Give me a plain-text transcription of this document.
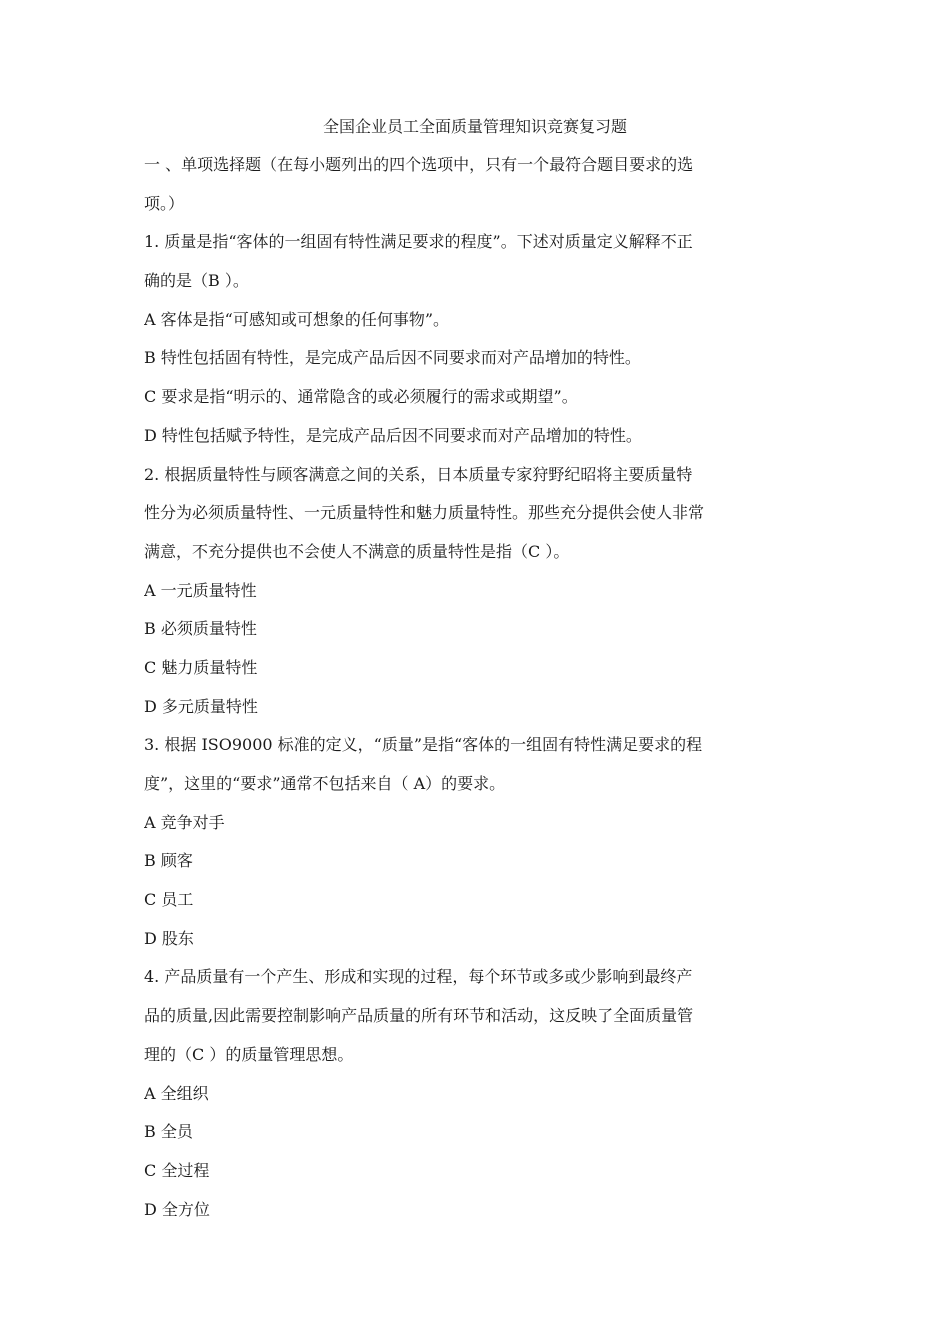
全国企业员工全面质量管理知识竞赛复习题
一 、单项选择题（在每小题列出的四个选项中，只有一个最符合题目要求的选
项。）
1. 质量是指“客体的一组固有特性满足要求的程度”。下述对质量定义解释不正
确的是（B ）。
A 客体是指“可感知或可想象的任何事物”。
B 特性包括固有特性，是完成产品后因不同要求而对产品增加的特性。
C 要求是指“明示的、通常隐含的或必须履行的需求或期望”。
D 特性包括赋予特性，是完成产品后因不同要求而对产品增加的特性。
2. 根据质量特性与顾客满意之间的关系，日本质量专家狩野纪昭将主要质量特
性分为必须质量特性、一元质量特性和魅力质量特性。那些充分提供会使人非常
满意，不充分提供也不会使人不满意的质量特性是指（C ）。
A 一元质量特性
B 必须质量特性
C 魅力质量特性
D 多元质量特性
3. 根据 ISO9000 标准的定义，“质量”是指“客体的一组固有特性满足要求的程
度”，这里的“要求”通常不包括来自（ A）的要求。
A 竞争对手
B 顾客
C 员工
D 股东
4. 产品质量有一个产生、形成和实现的过程，每个环节或多或少影响到最终产
品的质量,因此需要控制影响产品质量的所有环节和活动，这反映了全面质量管
理的（C ）的质量管理思想。
A 全组织
B 全员
C 全过程
D 全方位
